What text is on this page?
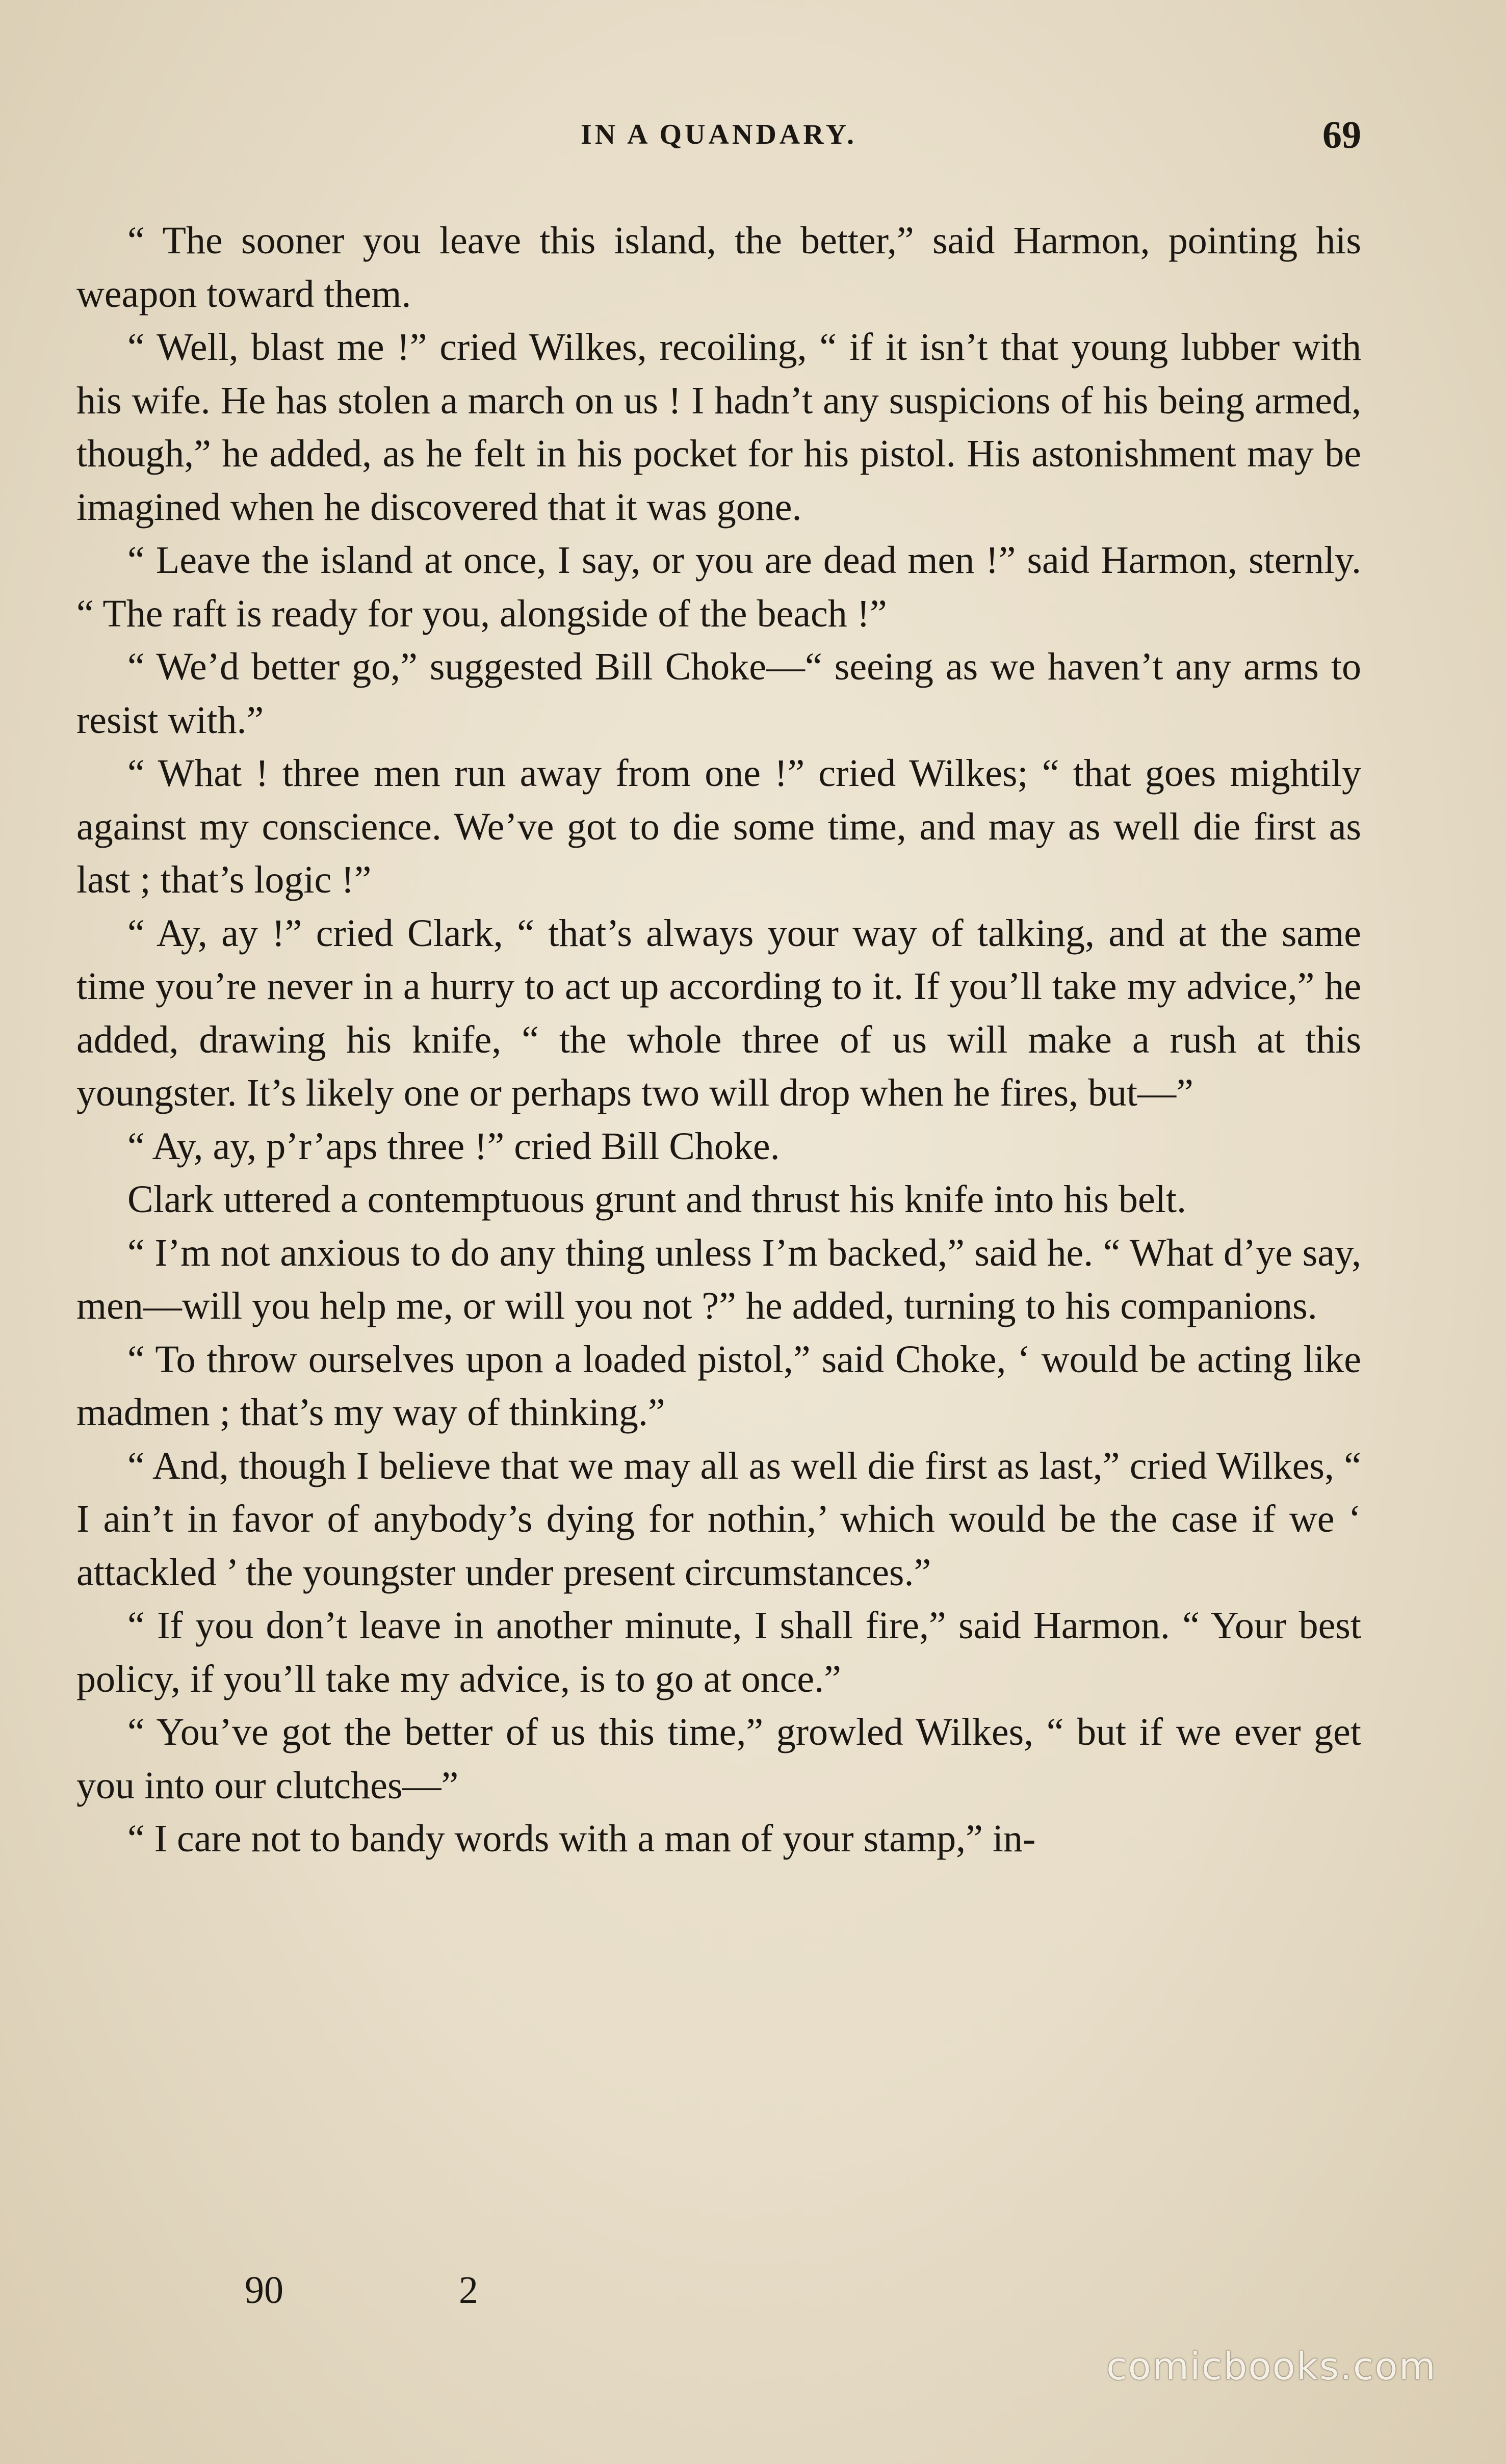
IN A QUANDARY.	69

“ The sooner you leave this island, the better,” said Harmon, pointing his weapon toward them.

“ Well, blast me !” cried Wilkes, recoiling, “ if it isn’t that young lubber with his wife. He has stolen a march on us ! I hadn’t any suspicions of his being armed, though,” he added, as he felt in his pocket for his pistol. His astonishment may be imagined when he discovered that it was gone.

“ Leave the island at once, I say, or you are dead men !” said Harmon, sternly. “ The raft is ready for you, alongside of the beach !”

“ We’d better go,” suggested Bill Choke—“ seeing as we haven’t any arms to resist with.”

“ What ! three men run away from one !” cried Wilkes; “ that goes mightily against my conscience. We’ve got to die some time, and may as well die first as last ; that’s logic !”

“ Ay, ay !” cried Clark, “ that’s always your way of talking, and at the same time you’re never in a hurry to act up according to it. If you’ll take my advice,” he added, drawing his knife, “ the whole three of us will make a rush at this youngster. It’s likely one or perhaps two will drop when he fires, but—”

“ Ay, ay, p’r’aps three !” cried Bill Choke.

Clark uttered a contemptuous grunt and thrust his knife into his belt.

“ I’m not anxious to do any thing unless I’m backed,” said he. “ What d’ye say, men—will you help me, or will you not ?” he added, turning to his companions.

“ To throw ourselves upon a loaded pistol,” said Choke, ‘ would be acting like madmen ; that’s my way of thinking.”

“ And, though I believe that we may all as well die first as last,” cried Wilkes, “ I ain’t in favor of anybody’s dying for nothin,’ which would be the case if we ‘ attackled ’ the youngster under present circumstances.”

“ If you don’t leave in another minute, I shall fire,” said Harmon. “ Your best policy, if you’ll take my advice, is to go at once.”

“ You’ve got the better of us this time,” growled Wilkes, “ but if we ever get you into our clutches—”

“ I care not to bandy words with a man of your stamp,” in-

90	2
comicbooks.com
